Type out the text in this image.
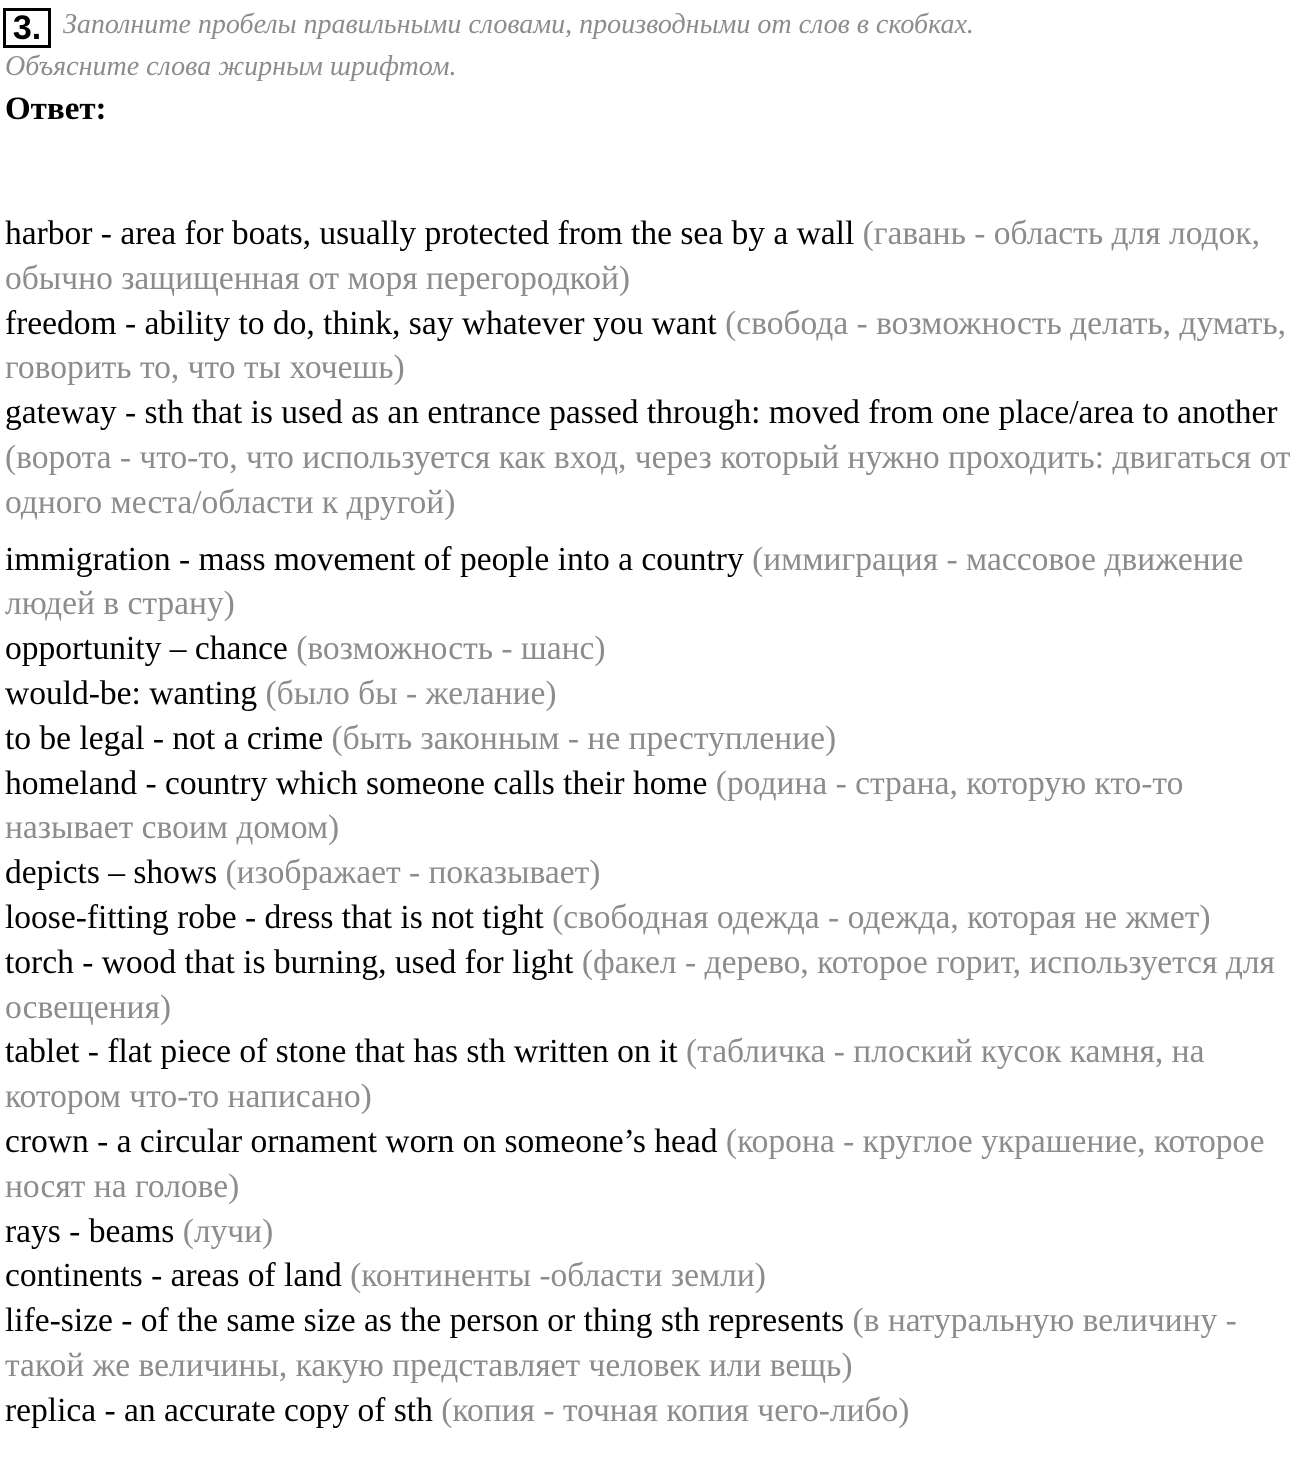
3. Заполните пробелы правильными словами, производными от слов в скобках.
Объясните слова жирным шрифтом.
Ответ:

harbor - area for boats, usually protected from the sea by a wall (гавань - область для лодок, обычно защищенная от моря перегородкой)

freedom - ability to do, think, say whatever you want (свобода - возможность делать, думать, говорить то, что ты хочешь)

gateway - sth that is used as an entrance passed through: moved from one place/area to another (ворота - что-то, что используется как вход, через который нужно проходить: двигаться от одного места/области к другой)

immigration - mass movement of people into a country (иммиграция - массовое движение людей в страну)

opportunity – chance (возможность - шанс)

would-be: wanting (было бы - желание)

to be legal - not a crime (быть законным - не преступление)

homeland - country which someone calls their home (родина - страна, которую кто-то называет своим домом)

depicts – shows (изображает - показывает)

loose-fitting robe - dress that is not tight (свободная одежда - одежда, которая не жмет)

torch - wood that is burning, used for light (факел - дерево, которое горит, используется для освещения)

tablet - flat piece of stone that has sth written on it (табличка - плоский кусок камня, на котором что-то написано)

crown - a circular ornament worn on someone’s head (корона - круглое украшение, которое носят на голове)

rays - beams (лучи)

continents - areas of land (континенты -области земли)

life-size - of the same size as the person or thing sth represents (в натуральную величину - такой же величины, какую представляет человек или вещь)

replica - an accurate copy of sth (копия - точная копия чего-либо)
